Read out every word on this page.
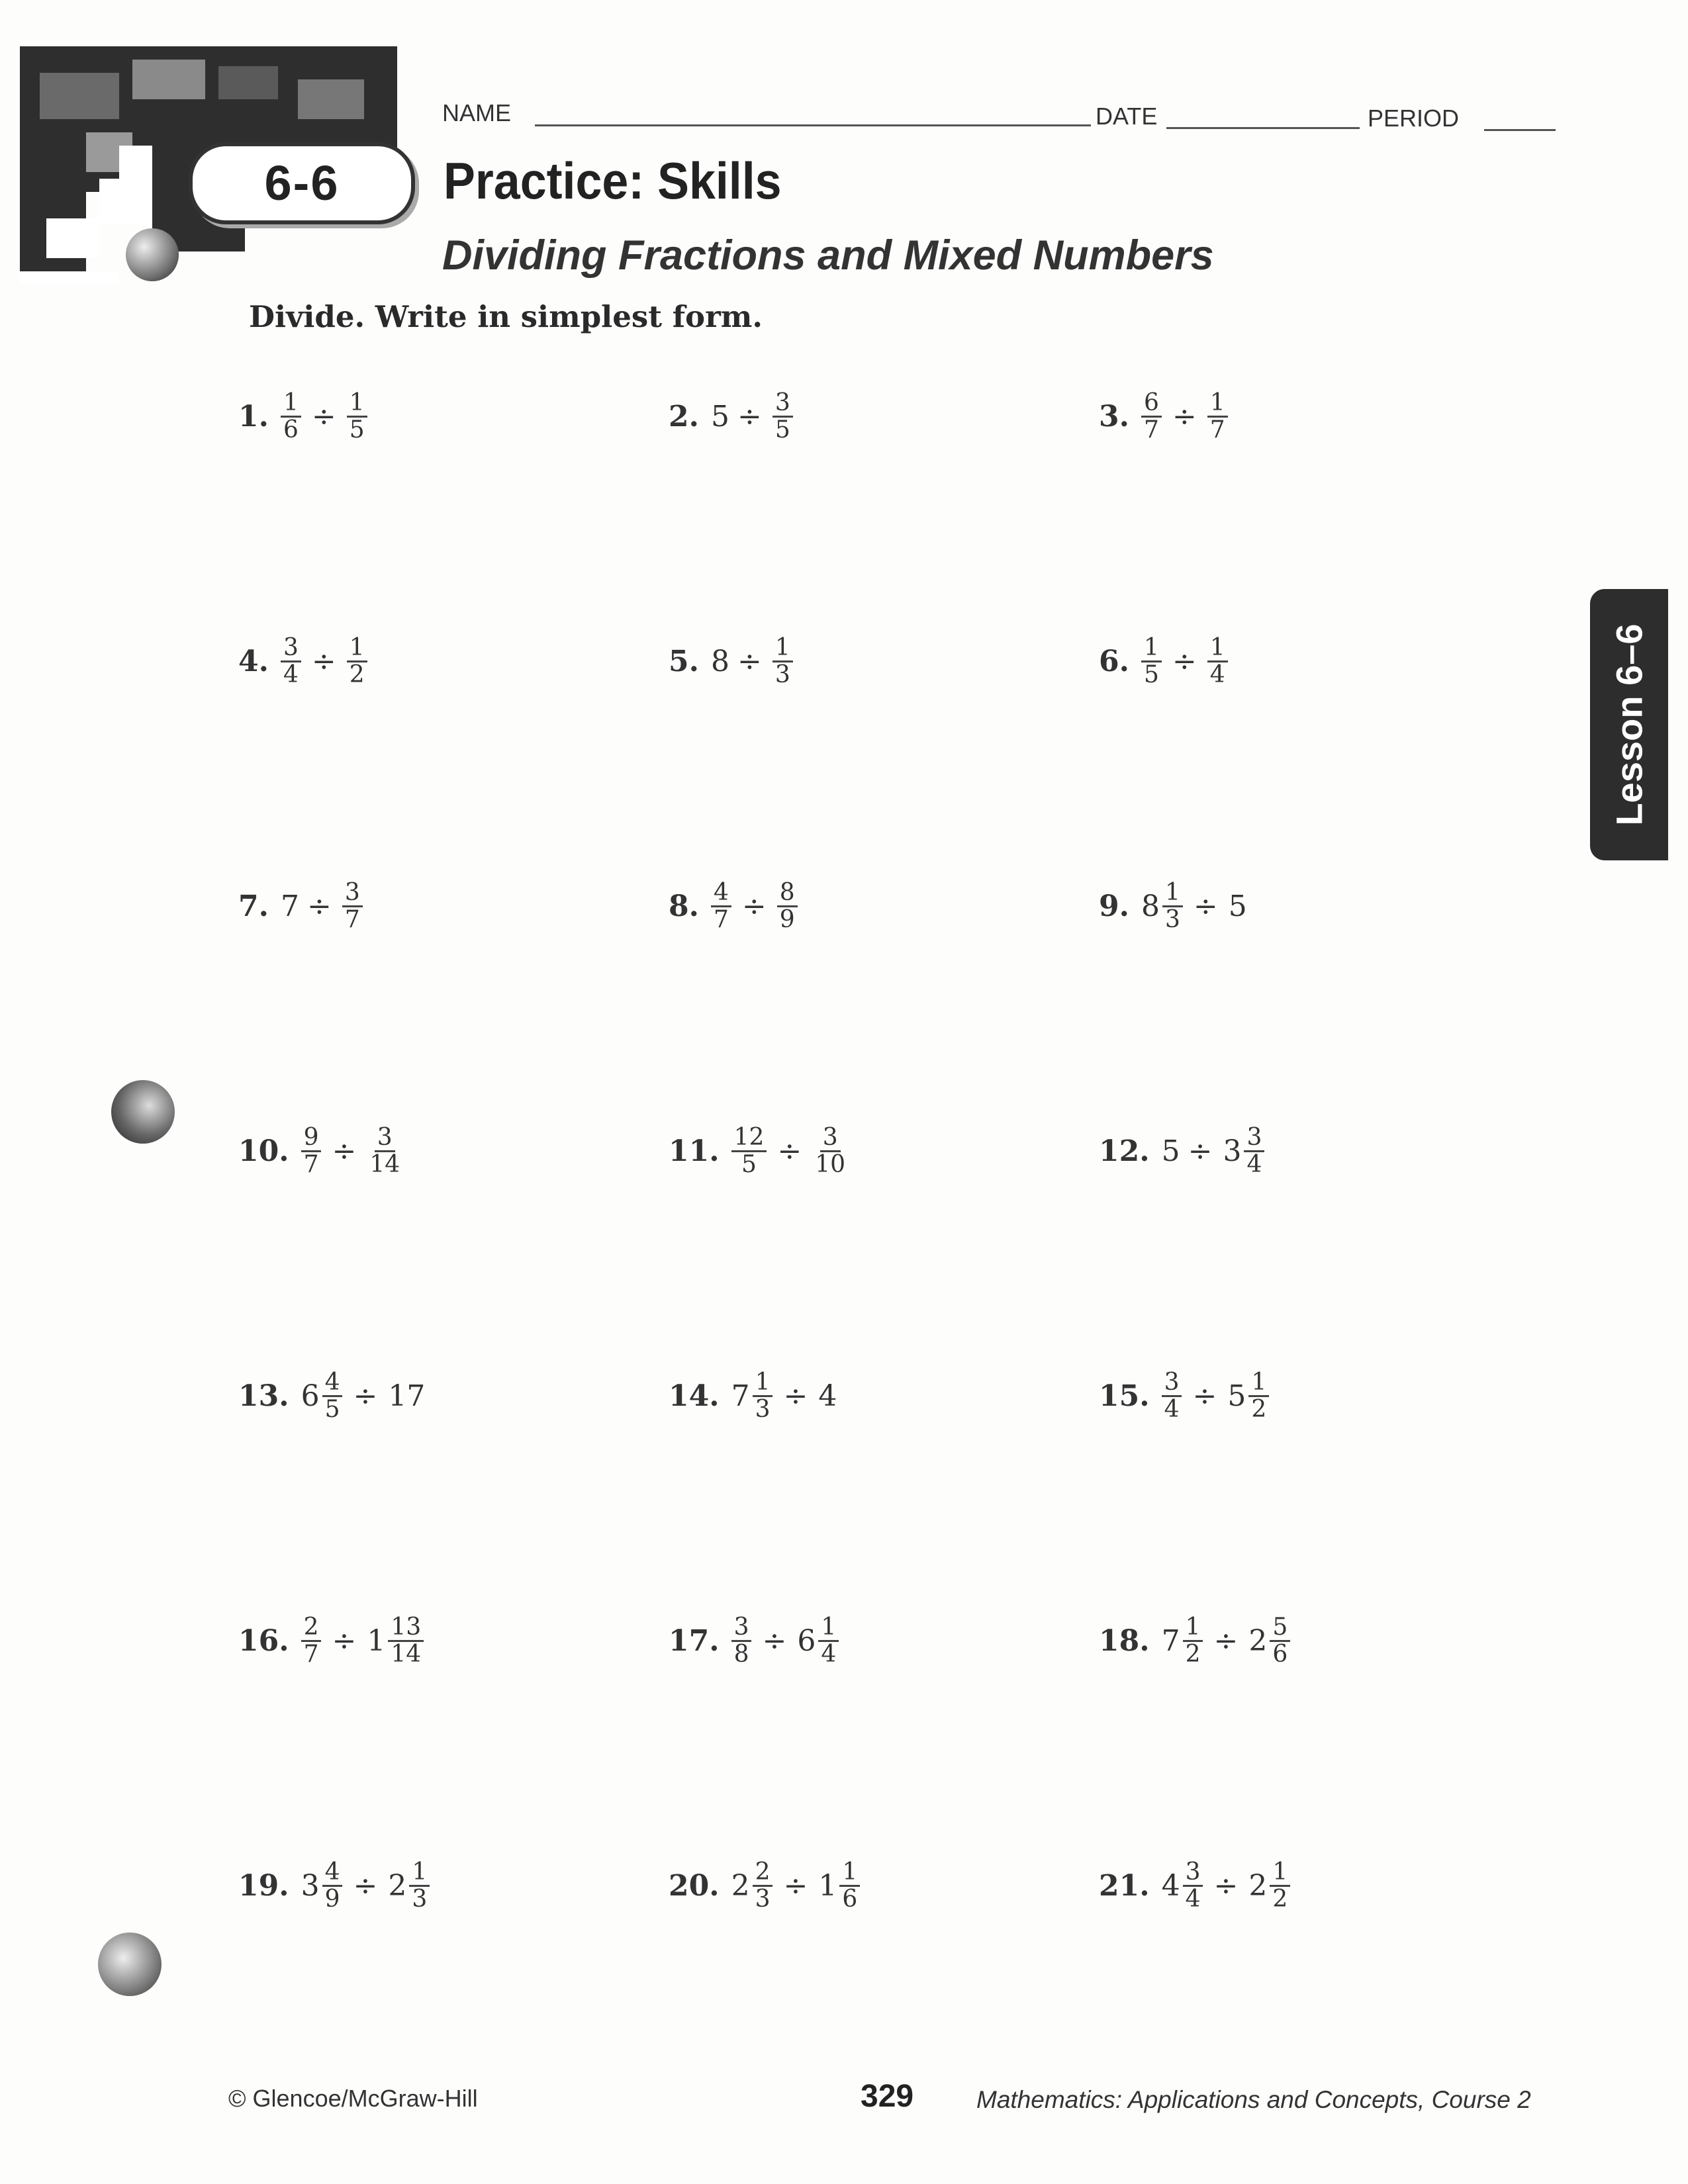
6-6
NAME	DATE	PERIOD
Practice: Skills
Dividing Fractions and Mixed Numbers
Divide. Write in simplest form.
1. $\frac{1}{6} \div \frac{1}{5}$	2. $5 \div \frac{3}{5}$	3. $\frac{6}{7} \div \frac{1}{7}$
4. $\frac{3}{4} \div \frac{1}{2}$	5. $8 \div \frac{1}{3}$	6. $\frac{1}{5} \div \frac{1}{4}$
7. $7 \div \frac{3}{7}$	8. $\frac{4}{7} \div \frac{8}{9}$	9. $8 \frac{1}{3} \div 5$
10. $\frac{9}{7} \div \frac{3}{14}$	11. $\frac{12}{5} \div \frac{3}{10}$	12. $5 \div 3 \frac{3}{4}$
13. $6 \frac{4}{5} \div 17$	14. $7 \frac{1}{3} \div 4$	15. $\frac{3}{4} \div 5 \frac{1}{2}$
16. $\frac{2}{7} \div 1 \frac{13}{14}$	17. $\frac{3}{8} \div 6 \frac{1}{4}$	18. $7 \frac{1}{2} \div 2 \frac{5}{6}$
19. $3 \frac{4}{9} \div 2 \frac{1}{3}$	20. $2 \frac{2}{3} \div 1 \frac{1}{6}$	21. $4 \frac{3}{4} \div 2 \frac{1}{2}$
Lesson 6–6
© Glencoe/McGraw-Hill	329	Mathematics: Applications and Concepts, Course 2
